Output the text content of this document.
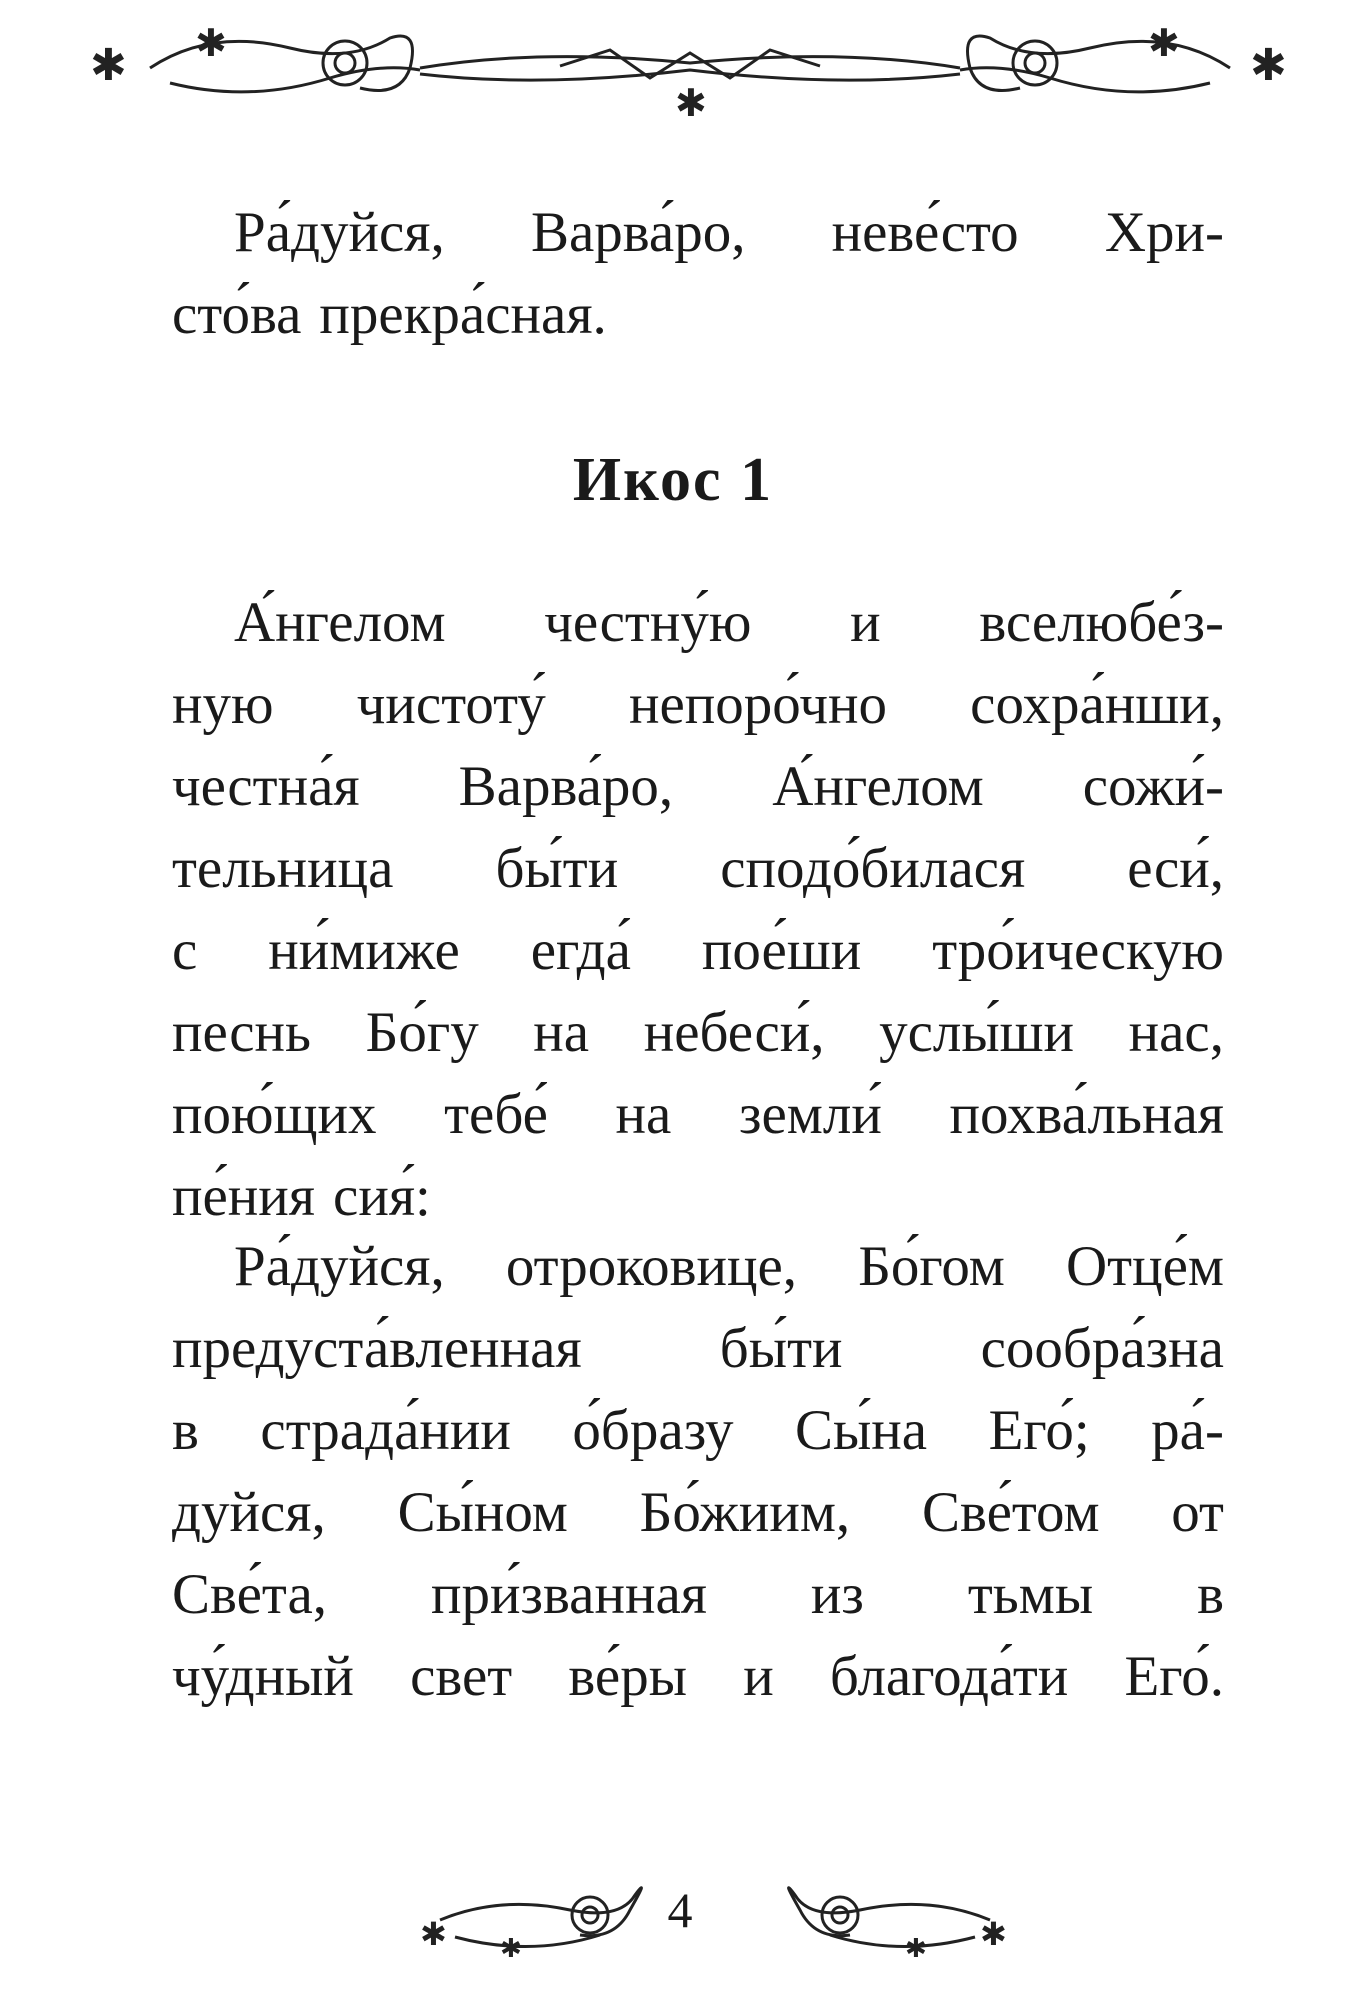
✱ ✱	✱
✱
✱
Ра́дуйся, Варва́ро, неве́сто Хри-
сто́ва прекра́сная.
Икос 1
А́нгелом честну́ю и вселюбе́з-
ную чистоту́ непоро́чно сохра́нши,
честна́я Варва́ро, А́нгелом сожи́-
тельница бы́ти сподо́билася еси́,
с ни́миже егда́ пое́ши тро́ическую
песнь Бо́гу на небеси́, услы́ши нас,
пою́щих тебе́ на земли́ похва́льная
пе́ния сия́:
Ра́дуйся, отроковице, Бо́гом Отце́м
предуста́вленная бы́ти сообра́зна
в страда́нии о́бразу Сы́на Его́; ра́-
дуйся, Сы́ном Бо́жиим, Све́том от
Све́та, при́званная из тьмы в
чу́дный свет ве́ры и благода́ти Его́.
✱ ✱	✱
✱
4
